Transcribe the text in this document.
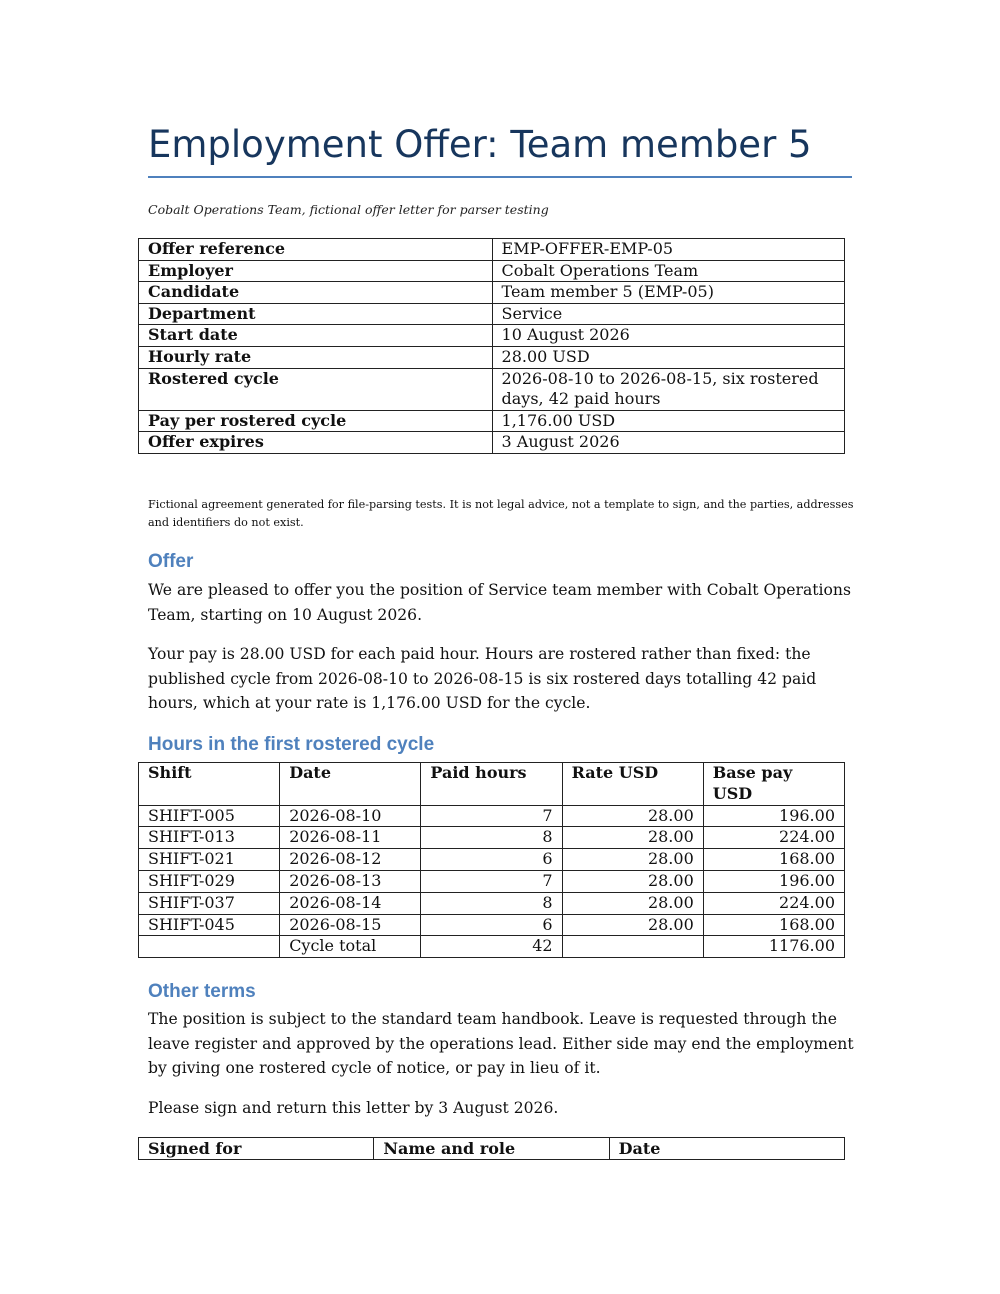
Employment Offer: Team member 5
Cobalt Operations Team, fictional offer letter for parser testing
Offer reference	EMP-OFFER-EMP-05
Employer	Cobalt Operations Team
Candidate	Team member 5 (EMP-05)
Department	Service
Start date	10 August 2026
Hourly rate	28.00 USD
Rostered cycle	2026-08-10 to 2026-08-15, six rostered days, 42 paid hours
Pay per rostered cycle	1,176.00 USD
Offer expires	3 August 2026
Fictional agreement generated for file-parsing tests. It is not legal advice, not a template to sign, and the parties, addresses and identifiers do not exist.
Offer

We are pleased to offer you the position of Service team member with Cobalt Operations Team, starting on 10 August 2026.

Your pay is 28.00 USD for each paid hour. Hours are rostered rather than fixed: the published cycle from 2026-08-10 to 2026-08-15 is six rostered days totalling 42 paid hours, which at your rate is 1,176.00 USD for the cycle.

Hours in the first rostered cycle
Shift	Date	Paid hours	Rate USD	Base pay USD
SHIFT-005	2026-08-10	7	28.00	196.00
SHIFT-013	2026-08-11	8	28.00	224.00
SHIFT-021	2026-08-12	6	28.00	168.00
SHIFT-029	2026-08-13	7	28.00	196.00
SHIFT-037	2026-08-14	8	28.00	224.00
SHIFT-045	2026-08-15	6	28.00	168.00
	Cycle total	42		1176.00
Other terms

The position is subject to the standard team handbook. Leave is requested through the leave register and approved by the operations lead. Either side may end the employment by giving one rostered cycle of notice, or pay in lieu of it.

Please sign and return this letter by 3 August 2026.

Signed for	Name and role	Date
